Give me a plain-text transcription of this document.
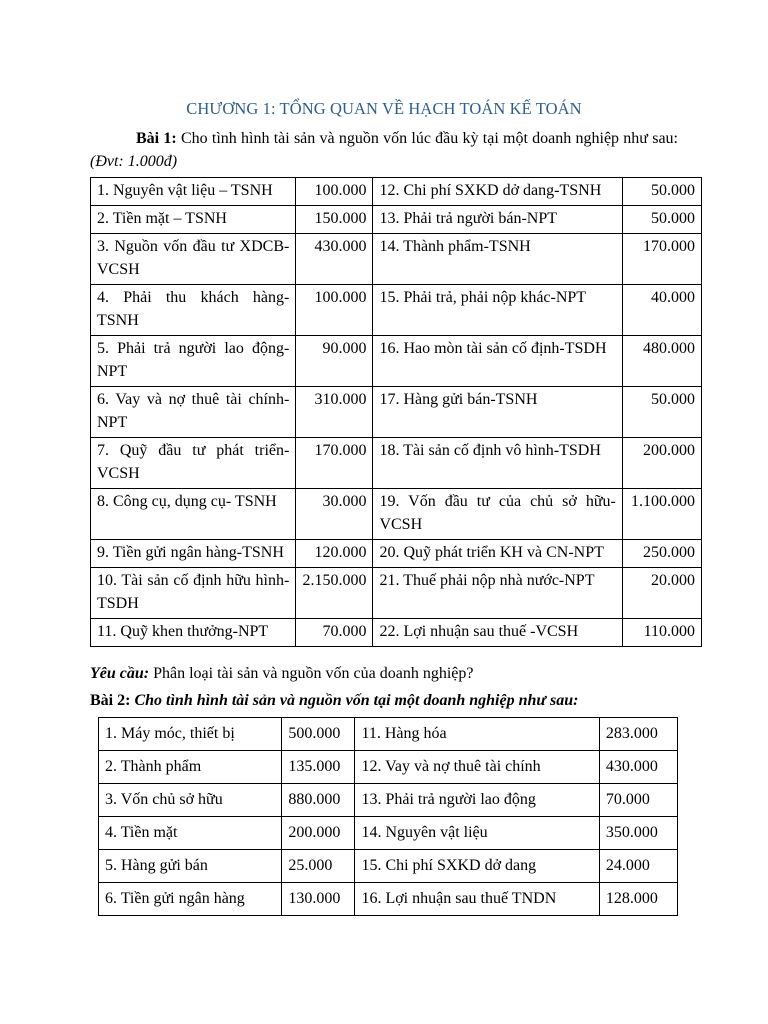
CHƯƠNG 1: TỔNG QUAN VỀ HẠCH TOÁN KẾ TOÁN
Bài 1: Cho tình hình tài sản và nguồn vốn lúc đầu kỳ tại một doanh nghiệp như sau: (Đvt: 1.000đ)
1. Nguyên vật liệu – TSNH	100.000	12. Chi phí SXKD dở dang-TSNH	50.000
2. Tiền mặt – TSNH	150.000	13. Phải trả người bán-NPT	50.000
3. Nguồn vốn đầu tư XDCB-VCSH	430.000	14. Thành phẩm-TSNH	170.000
4. Phải thu khách hàng-TSNH	100.000	15. Phải trả, phải nộp khác-NPT	40.000
5. Phải trả người lao động-NPT	90.000	16. Hao mòn tài sản cố định-TSDH	480.000
6. Vay và nợ thuê tài chính-NPT	310.000	17. Hàng gửi bán-TSNH	50.000
7. Quỹ đầu tư phát triển-VCSH	170.000	18. Tài sản cố định vô hình-TSDH	200.000
8. Công cụ, dụng cụ- TSNH	30.000	19. Vốn đầu tư của chủ sở hữu-VCSH	1.100.000
9. Tiền gửi ngân hàng-TSNH	120.000	20. Quỹ phát triển KH và CN-NPT	250.000
10. Tài sản cố định hữu hình-TSDH	2.150.000	21. Thuế phải nộp nhà nước-NPT	20.000
11. Quỹ khen thưởng-NPT	70.000	22. Lợi nhuận sau thuế -VCSH	110.000
Yêu cầu: Phân loại tài sản và nguồn vốn của doanh nghiệp?
Bài 2: Cho tình hình tài sản và nguồn vốn tại một doanh nghiệp như sau:
1. Máy móc, thiết bị	500.000	11. Hàng hóa	283.000
2. Thành phẩm	135.000	12. Vay và nợ thuê tài chính	430.000
3. Vốn chủ sở hữu	880.000	13. Phải trả người lao động	70.000
4. Tiền mặt	200.000	14. Nguyên vật liệu	350.000
5. Hàng gửi bán	25.000	15. Chi phí SXKD dở dang	24.000
6. Tiền gửi ngân hàng	130.000	16. Lợi nhuận sau thuế TNDN	128.000
